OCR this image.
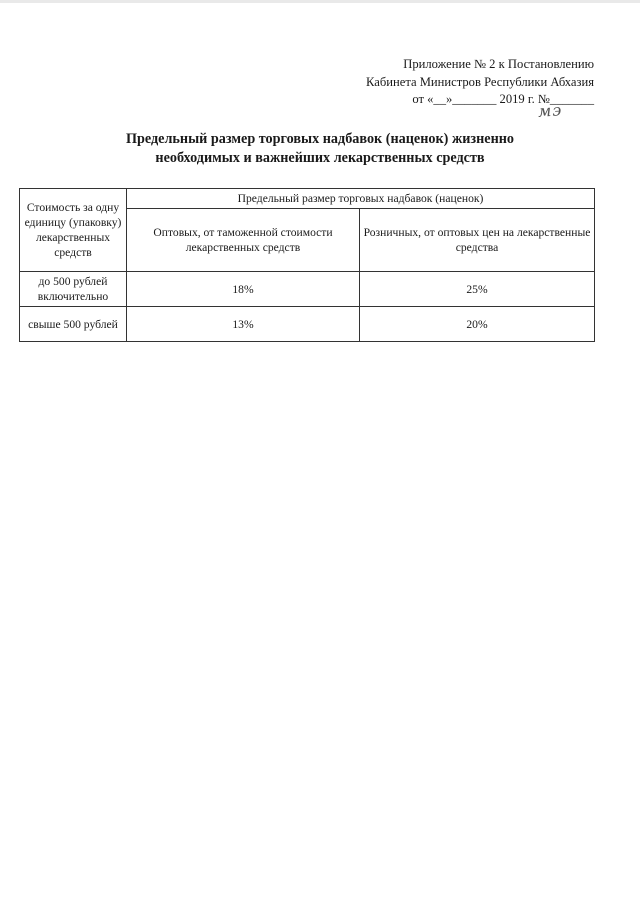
Приложение № 2 к Постановлению
Кабинета Министров Республики Абхазия
от «__»_______ 2019 г. №_______
мэ
Предельный размер торговых надбавок (наценок) жизненно
необходимых и важнейших лекарственных средств
Стоимость за одну единицу (упаковку) лекарственных средств	Предельный размер торговых надбавок (наценок)	
	Оптовых, от таможенной стоимости лекарственных средств	Розничных, от оптовых цен на лекарственные средства
до 500 рублей включительно	18%	25%
свыше 500 рублей	13%	20%
